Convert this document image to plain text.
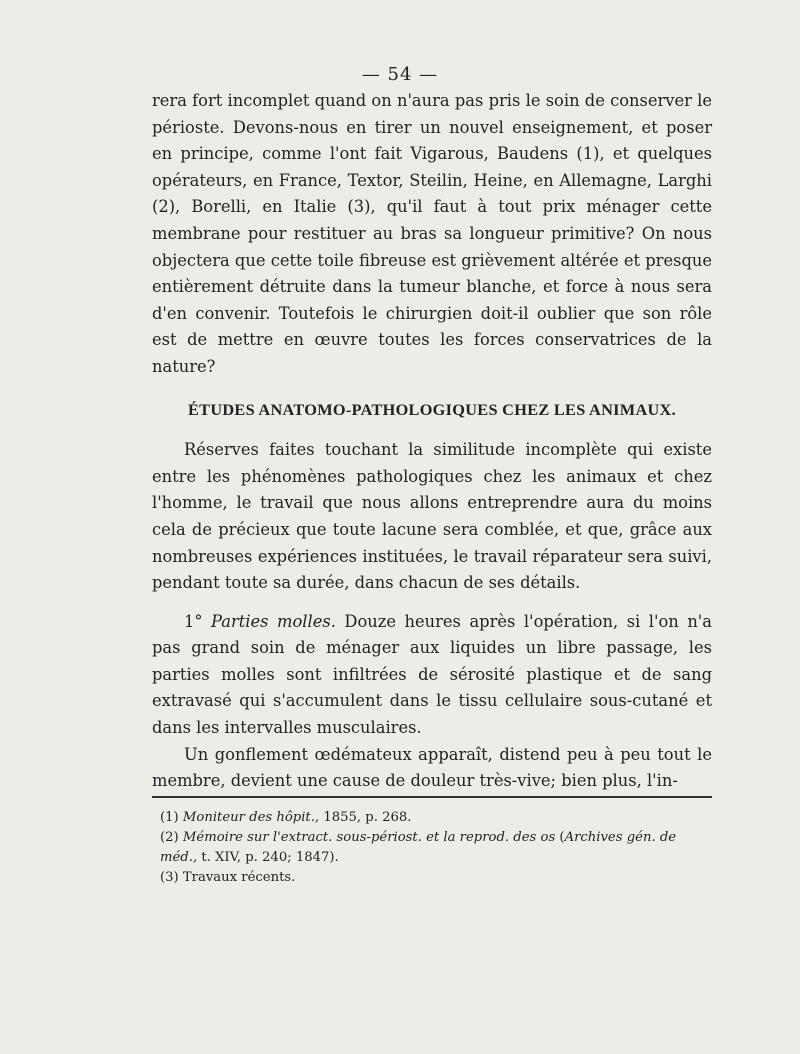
— 54 —

rera fort incomplet quand on n'aura pas pris le soin de conserver le périoste. Devons-nous en tirer un nouvel enseignement, et poser en principe, comme l'ont fait Vigarous, Baudens (1), et quelques opérateurs, en France, Textor, Steilin, Heine, en Allemagne, Larghi (2), Borelli, en Italie (3), qu'il faut à tout prix ménager cette membrane pour restituer au bras sa longueur primitive? On nous objectera que cette toile fibreuse est grièvement altérée et presque entièrement détruite dans la tumeur blanche, et force à nous sera d'en convenir. Toutefois le chirurgien doit-il oublier que son rôle est de mettre en œuvre toutes les forces conservatrices de la nature?

ÉTUDES ANATOMO-PATHOLOGIQUES CHEZ LES ANIMAUX.

Réserves faites touchant la similitude incomplète qui existe entre les phénomènes pathologiques chez les animaux et chez l'homme, le travail que nous allons entreprendre aura du moins cela de précieux que toute lacune sera comblée, et que, grâce aux nombreuses expériences instituées, le travail réparateur sera suivi, pendant toute sa durée, dans chacun de ses détails.

1° Parties molles. Douze heures après l'opération, si l'on n'a pas grand soin de ménager aux liquides un libre passage, les parties molles sont infiltrées de sérosité plastique et de sang extravasé qui s'accumulent dans le tissu cellulaire sous-cutané et dans les intervalles musculaires.

Un gonflement œdémateux apparaît, distend peu à peu tout le membre, devient une cause de douleur très-vive; bien plus, l'in-

(1) Moniteur des hôpit., 1855, p. 268.

(2) Mémoire sur l'extract. sous-périost. et la reprod. des os (Archives gén. de méd., t. XIV, p. 240; 1847).

(3) Travaux récents.
